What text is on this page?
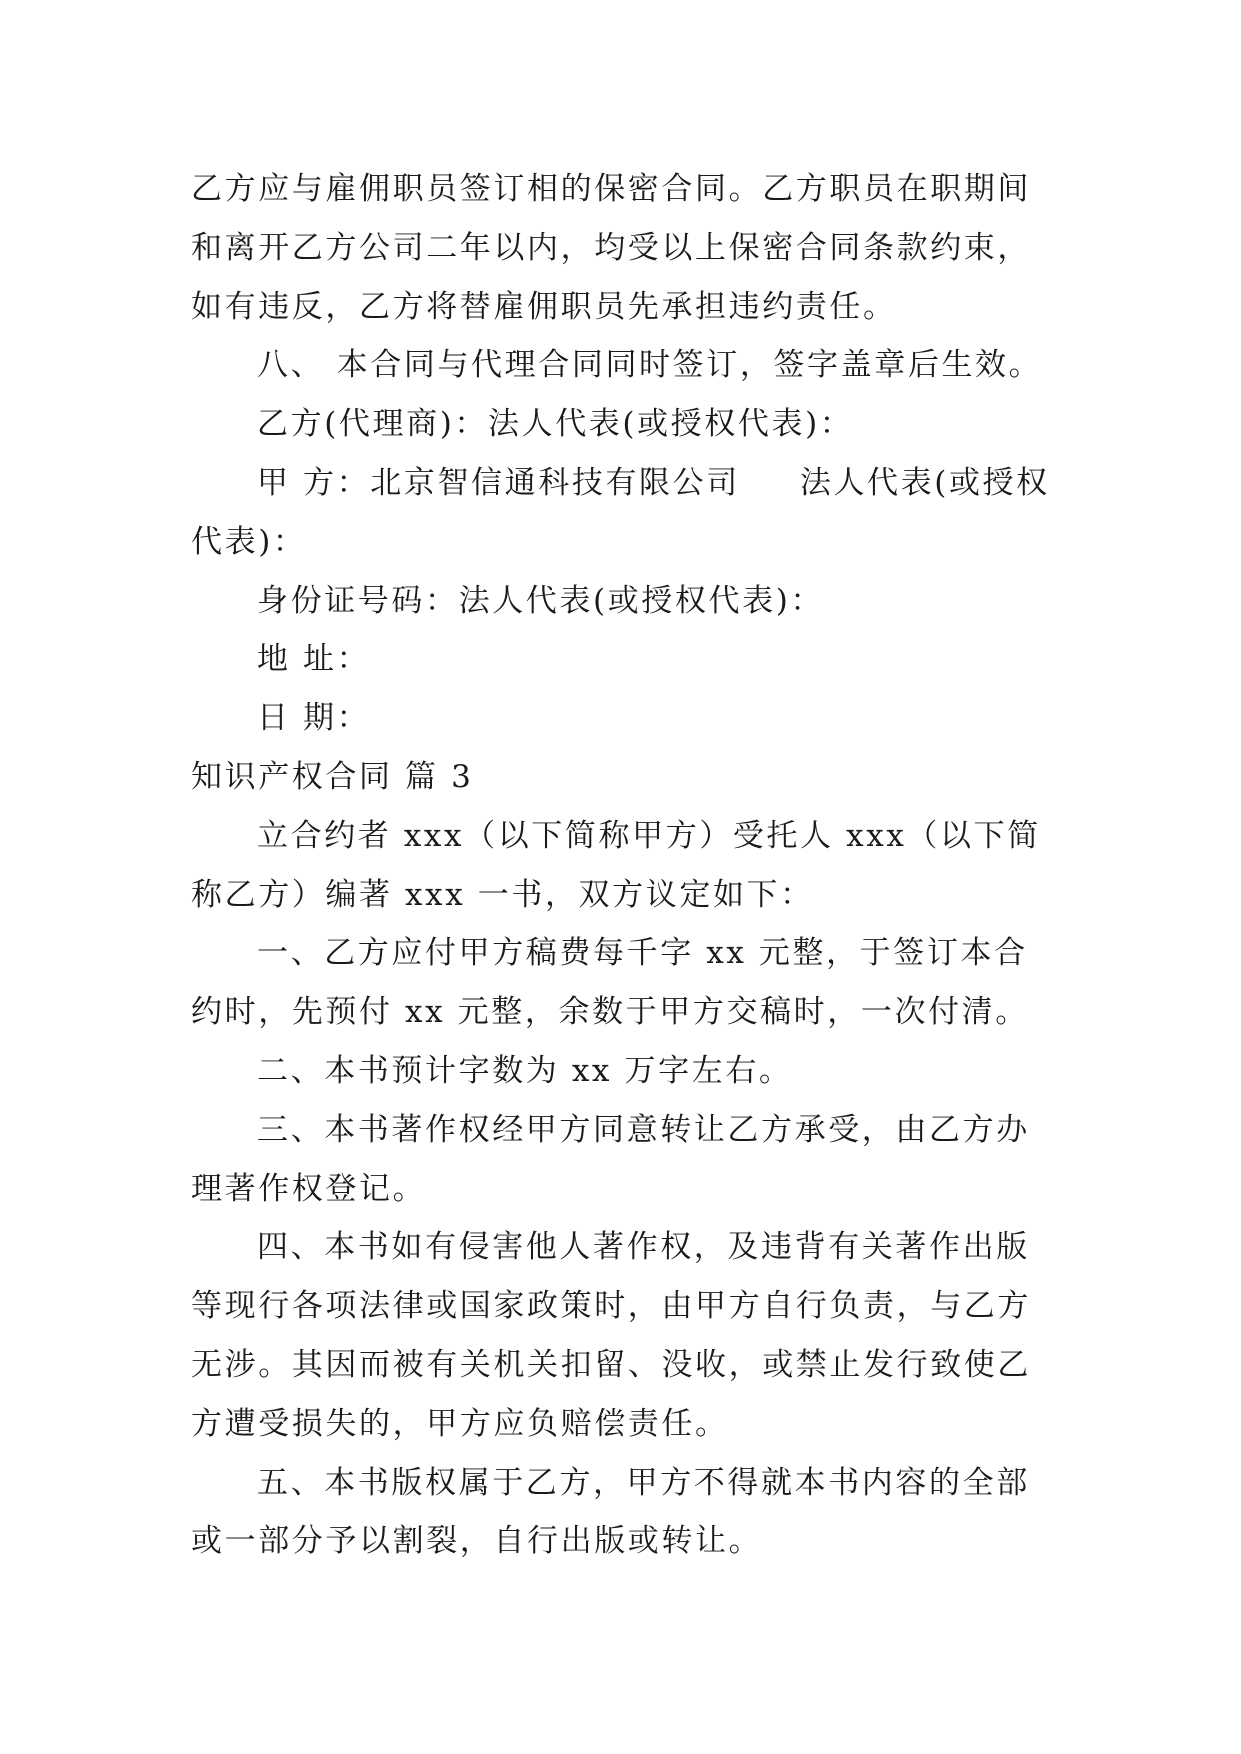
乙方应与雇佣职员签订相的保密合同。乙方职员在职期间和离开乙方公司二年以内，均受以上保密合同条款约束，如有违反，乙方将替雇佣职员先承担违约责任。

八、 本合同与代理合同同时签订，签字盖章后生效。

乙方(代理商)：法人代表(或授权代表)：

甲 方：北京智信通科技有限公司 法人代表(或授权代表)：

身份证号码：法人代表(或授权代表)：

地 址：

日 期：

知识产权合同 篇 3

立合约者 xxx（以下简称甲方）受托人 xxx（以下简称乙方）编著 xxx 一书，双方议定如下：

一、乙方应付甲方稿费每千字 xx 元整，于签订本合约时，先预付 xx 元整，余数于甲方交稿时，一次付清。

二、本书预计字数为 xx 万字左右。

三、本书著作权经甲方同意转让乙方承受，由乙方办理著作权登记。

四、本书如有侵害他人著作权，及违背有关著作出版等现行各项法律或国家政策时，由甲方自行负责，与乙方无涉。其因而被有关机关扣留、没收，或禁止发行致使乙方遭受损失的，甲方应负赔偿责任。

五、本书版权属于乙方，甲方不得就本书内容的全部或一部分予以割裂，自行出版或转让。
